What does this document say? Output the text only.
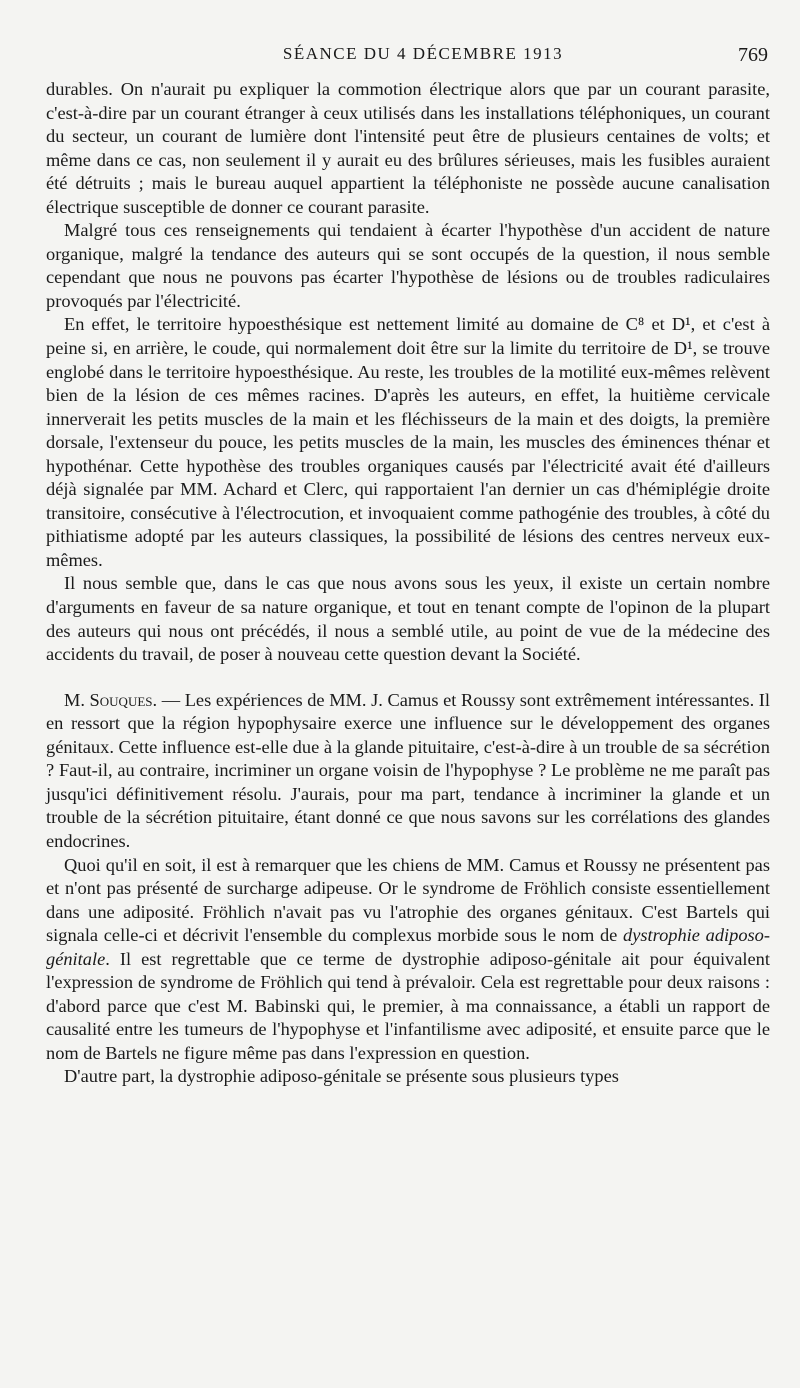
SÉANCE DU 4 DÉCEMBRE 1913	769

durables. On n'aurait pu expliquer la commotion électrique alors que par un courant parasite, c'est-à-dire par un courant étranger à ceux utilisés dans les installations téléphoniques, un courant du secteur, un courant de lumière dont l'intensité peut être de plusieurs centaines de volts; et même dans ce cas, non seulement il y aurait eu des brûlures sérieuses, mais les fusibles auraient été détruits ; mais le bureau auquel appartient la téléphoniste ne possède aucune canalisation électrique susceptible de donner ce courant parasite.

Malgré tous ces renseignements qui tendaient à écarter l'hypothèse d'un accident de nature organique, malgré la tendance des auteurs qui se sont occupés de la question, il nous semble cependant que nous ne pouvons pas écarter l'hypothèse de lésions ou de troubles radiculaires provoqués par l'électricité.

En effet, le territoire hypoesthésique est nettement limité au domaine de C⁸ et D¹, et c'est à peine si, en arrière, le coude, qui normalement doit être sur la limite du territoire de D¹, se trouve englobé dans le territoire hypoesthésique. Au reste, les troubles de la motilité eux-mêmes relèvent bien de la lésion de ces mêmes racines. D'après les auteurs, en effet, la huitième cervicale innerverait les petits muscles de la main et les fléchisseurs de la main et des doigts, la première dorsale, l'extenseur du pouce, les petits muscles de la main, les muscles des éminences thénar et hypothénar. Cette hypothèse des troubles organiques causés par l'électricité avait été d'ailleurs déjà signalée par MM. Achard et Clerc, qui rapportaient l'an dernier un cas d'hémiplégie droite transitoire, consécutive à l'électrocution, et invoquaient comme pathogénie des troubles, à côté du pithiatisme adopté par les auteurs classiques, la possibilité de lésions des centres nerveux eux-mêmes.

Il nous semble que, dans le cas que nous avons sous les yeux, il existe un certain nombre d'arguments en faveur de sa nature organique, et tout en tenant compte de l'opinon de la plupart des auteurs qui nous ont précédés, il nous a semblé utile, au point de vue de la médecine des accidents du travail, de poser à nouveau cette question devant la Société.

M. Souques. — Les expériences de MM. J. Camus et Roussy sont extrêmement intéressantes. Il en ressort que la région hypophysaire exerce une influence sur le développement des organes génitaux. Cette influence est-elle due à la glande pituitaire, c'est-à-dire à un trouble de sa sécrétion ? Faut-il, au contraire, incriminer un organe voisin de l'hypophyse ? Le problème ne me paraît pas jusqu'ici définitivement résolu. J'aurais, pour ma part, tendance à incriminer la glande et un trouble de la sécrétion pituitaire, étant donné ce que nous savons sur les corrélations des glandes endocrines.

Quoi qu'il en soit, il est à remarquer que les chiens de MM. Camus et Roussy ne présentent pas et n'ont pas présenté de surcharge adipeuse. Or le syndrome de Fröhlich consiste essentiellement dans une adiposité. Fröhlich n'avait pas vu l'atrophie des organes génitaux. C'est Bartels qui signala celle-ci et décrivit l'ensemble du complexus morbide sous le nom de dystrophie adiposo-génitale. Il est regrettable que ce terme de dystrophie adiposo-génitale ait pour équivalent l'expression de syndrome de Fröhlich qui tend à prévaloir. Cela est regrettable pour deux raisons : d'abord parce que c'est M. Babinski qui, le premier, à ma connaissance, a établi un rapport de causalité entre les tumeurs de l'hypophyse et l'infantilisme avec adiposité, et ensuite parce que le nom de Bartels ne figure même pas dans l'expression en question.

D'autre part, la dystrophie adiposo-génitale se présente sous plusieurs types
